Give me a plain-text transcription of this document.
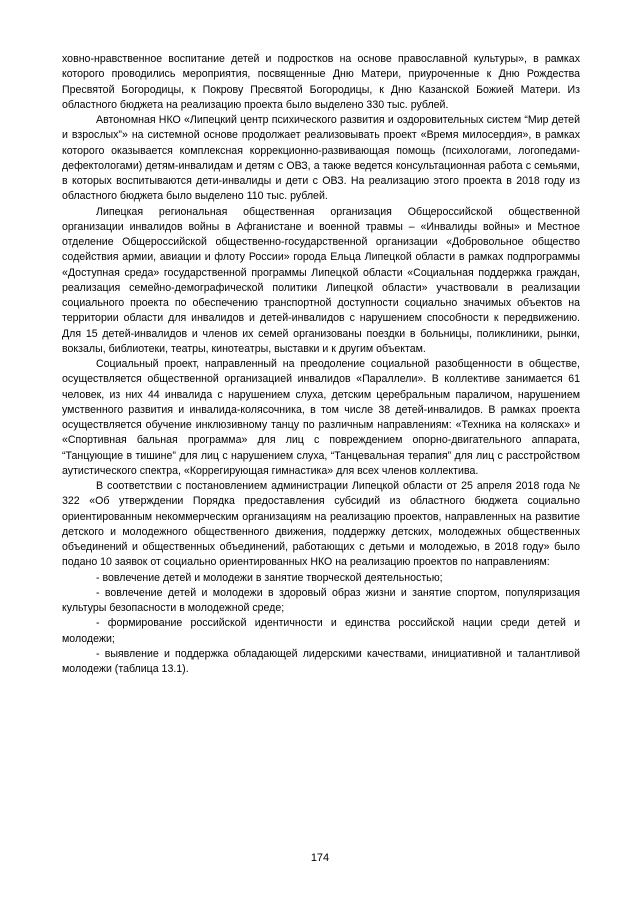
ховно-нравственное воспитание детей и подростков на основе православной культуры», в рамках которого проводились мероприятия, посвященные Дню Матери, приуроченные к Дню Рождества Пресвятой Богородицы, к Покрову Пресвятой Богородицы, к Дню Казанской Божией Матери. Из областного бюджета на реализацию проекта было выделено 330 тыс. рублей.

Автономная НКО «Липецкий центр психического развития и оздоровительных систем “Мир детей и взрослых”» на системной основе продолжает реализовывать проект «Время милосердия», в рамках которого оказывается комплексная коррекционно-развивающая помощь (психологами, логопедами-дефектологами) детям-инвалидам и детям с ОВЗ, а также ведется консультационная работа с семьями, в которых воспитываются дети-инвалиды и дети с ОВЗ. На реализацию этого проекта в 2018 году из областного бюджета было выделено 110 тыс. рублей.

Липецкая региональная общественная организация Общероссийской общественной организации инвалидов войны в Афганистане и военной травмы – «Инвалиды войны» и Местное отделение Общероссийской общественно-государственной организации «Добровольное общество содействия армии, авиации и флоту России» города Ельца Липецкой области в рамках подпрограммы «Доступная среда» государственной программы Липецкой области «Социальная поддержка граждан, реализация семейно-демографической политики Липецкой области» участвовали в реализации социального проекта по обеспечению транспортной доступности социально значимых объектов на территории области для инвалидов и детей-инвалидов с нарушением способности к передвижению. Для 15 детей-инвалидов и членов их семей организованы поездки в больницы, поликлиники, рынки, вокзалы, библиотеки, театры, кинотеатры, выставки и к другим объектам.

Социальный проект, направленный на преодоление социальной разобщенности в обществе, осуществляется общественной организацией инвалидов «Параллели». В коллективе занимается 61 человек, из них 44 инвалида с нарушением слуха, детским церебральным параличом, нарушением умственного развития и инвалида-колясочника, в том числе 38 детей-инвалидов. В рамках проекта осуществляется обучение инклюзивному танцу по различным направлениям: «Техника на колясках» и «Спортивная бальная программа» для лиц с повреждением опорно-двигательного аппарата, “Танцующие в тишине” для лиц с нарушением слуха, “Танцевальная терапия” для лиц с расстройством аутистического спектра, «Коррегирующая гимнастика» для всех членов коллектива.

В соответствии с постановлением администрации Липецкой области от 25 апреля 2018 года № 322 «Об утверждении Порядка предоставления субсидий из областного бюджета социально ориентированным некоммерческим организациям на реализацию проектов, направленных на развитие детского и молодежного общественного движения, поддержку детских, молодежных общественных объединений и общественных объединений, работающих с детьми и молодежью, в 2018 году» было подано 10 заявок от социально ориентированных НКО на реализацию проектов по направлениям:

- вовлечение детей и молодежи в занятие творческой деятельностью;

- вовлечение детей и молодежи в здоровый образ жизни и занятие спортом, популяризация культуры безопасности в молодежной среде;

- формирование российской идентичности и единства российской нации среди детей и молодежи;

- выявление и поддержка обладающей лидерскими качествами, инициативной и талантливой молодежи (таблица 13.1).

174
